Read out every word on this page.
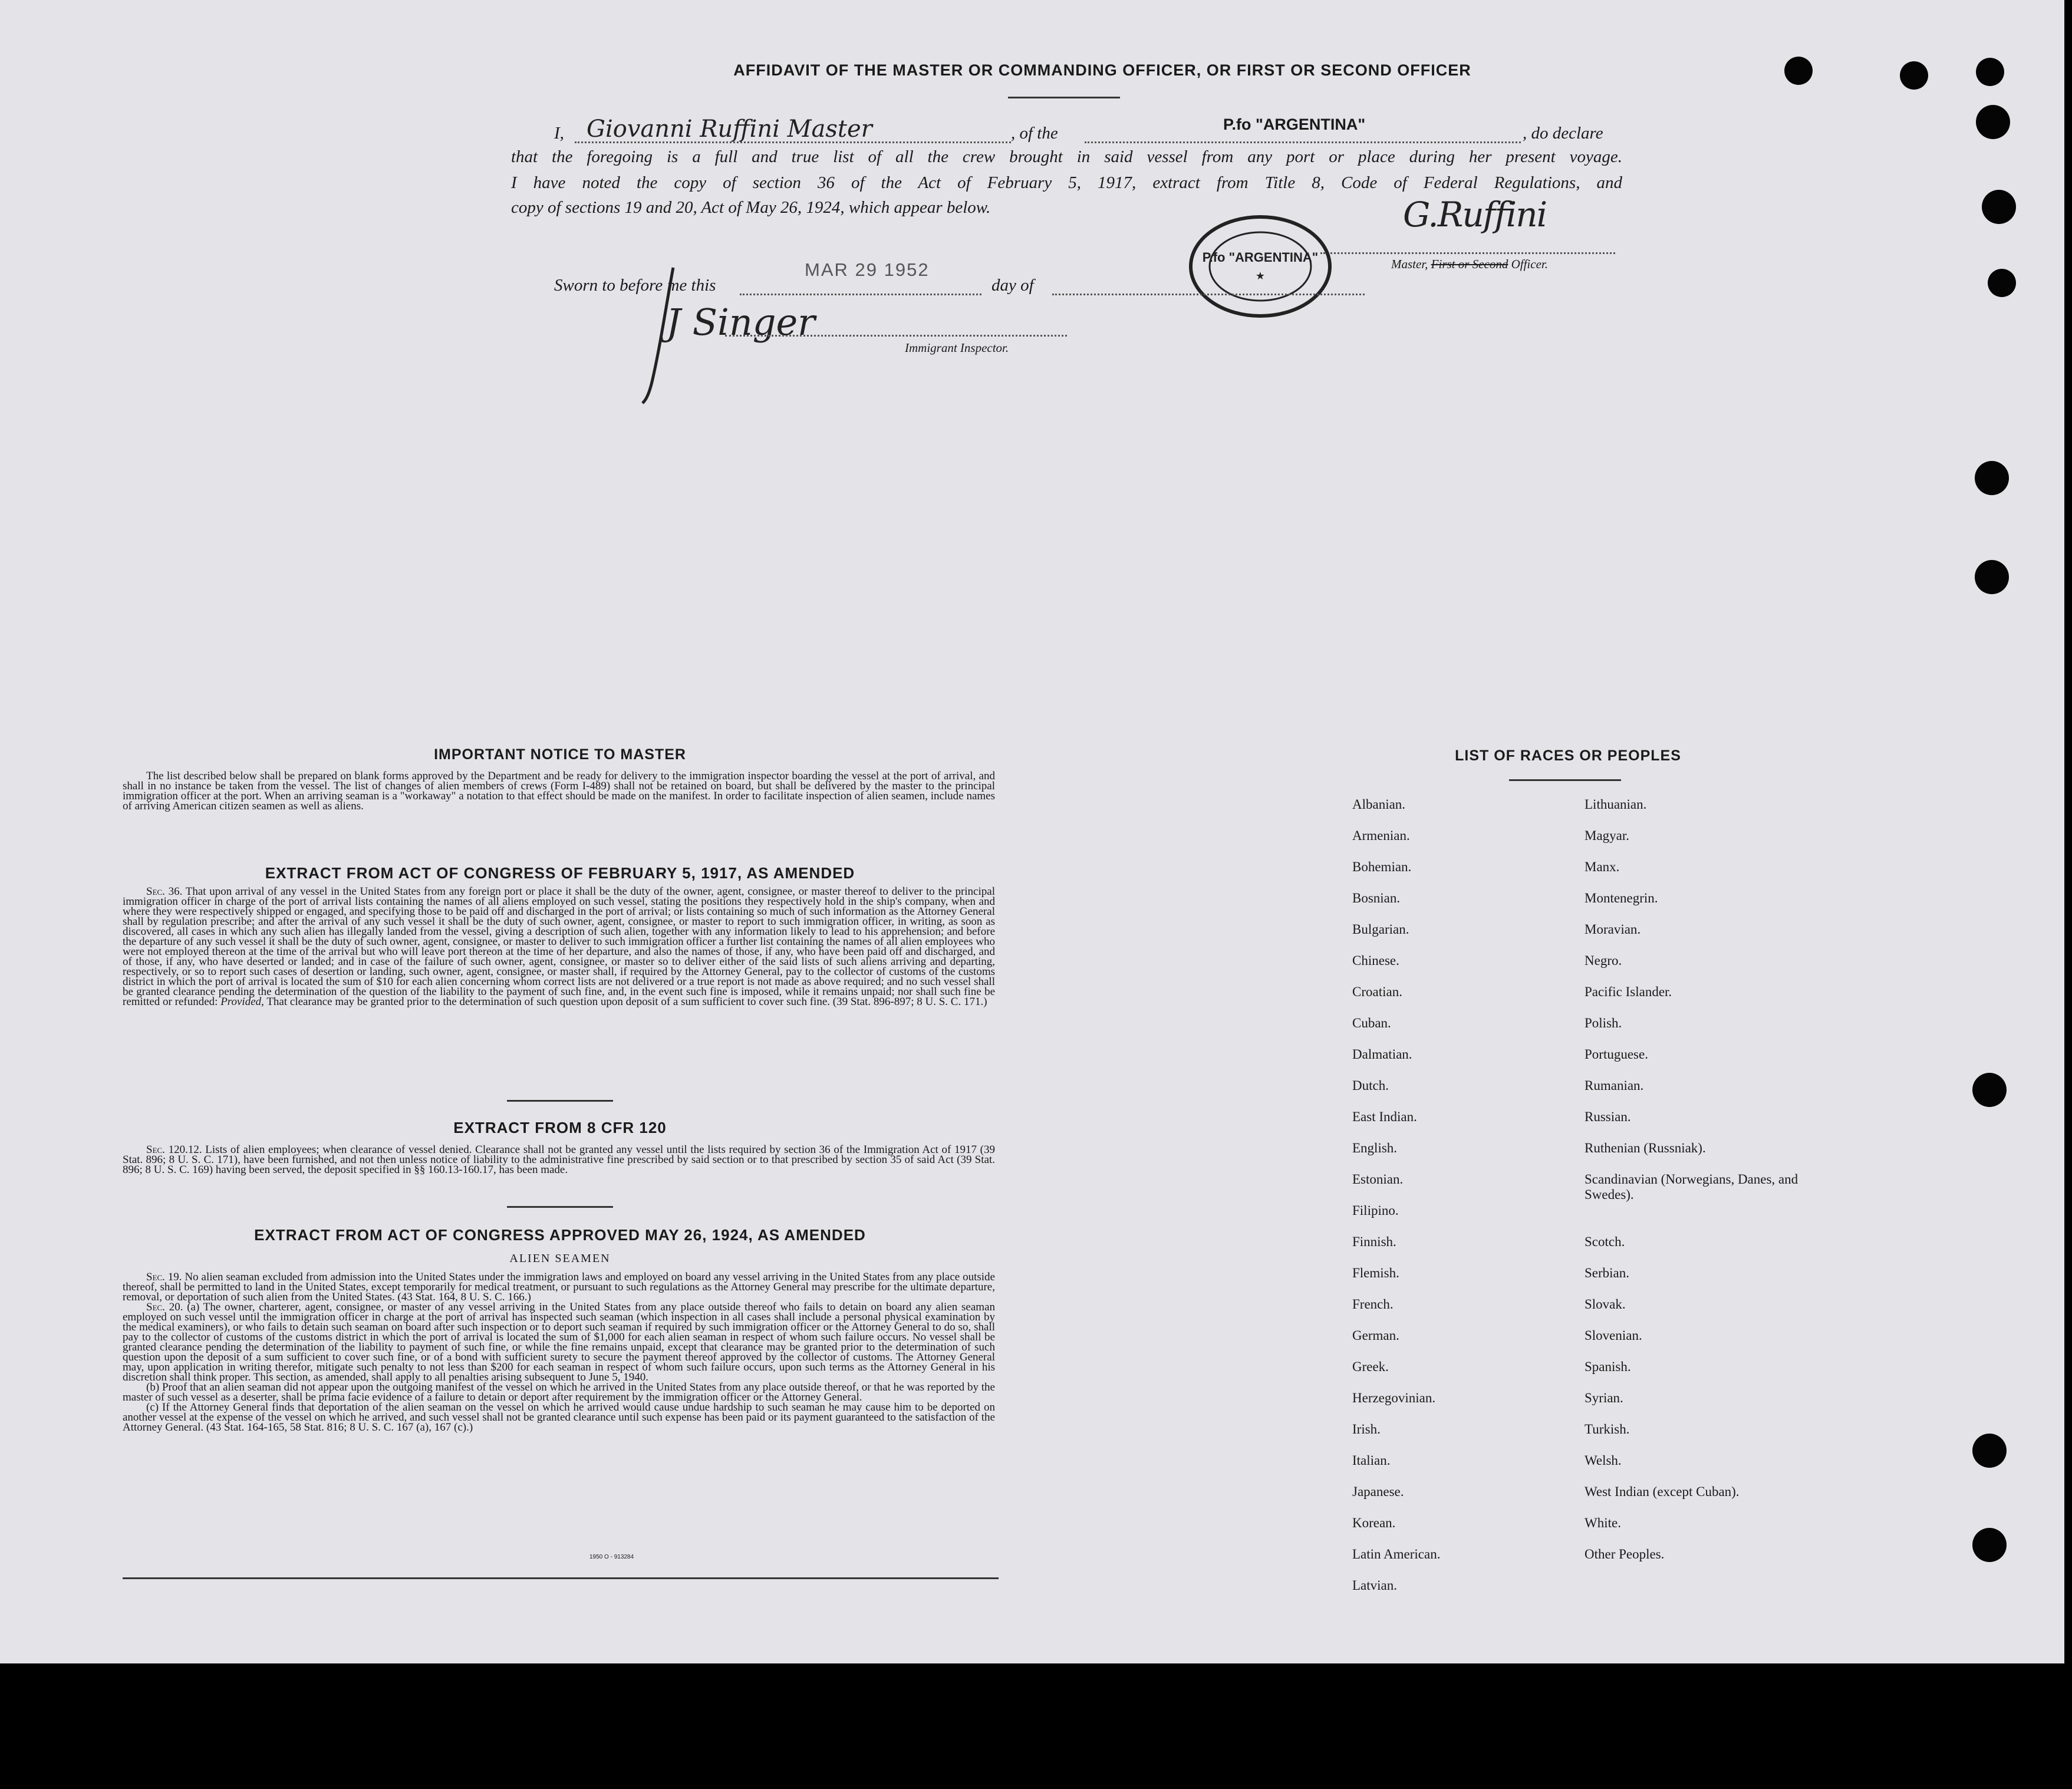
AFFIDAVIT OF THE MASTER OR COMMANDING OFFICER, OR FIRST OR SECOND OFFICER
I, Giovanni Ruffini Master	, of the	P.fo "ARGENTINA"	, do declare
that the foregoing is a full and true list of all the crew brought in said vessel from any port or place during her present voyage.
I have noted the copy of section 36 of the Act of February 5, 1917, extract from Title 8, Code of Federal Regulations, and
copy of sections 19 and 20, Act of May 26, 1924, which appear below.	G.Ruffini
Master, First or Second Officer.
P.fo "ARGENTINA"
★
Sworn to before me this
MAR 29 1952
day of
J Singer
Immigrant Inspector.
IMPORTANT NOTICE TO MASTER

The list described below shall be prepared on blank forms approved by the Department and be ready for delivery to the immigration inspector boarding the vessel at the port of arrival, and shall in no instance be taken from the vessel. The list of changes of alien members of crews (Form I-489) shall not be retained on board, but shall be delivered by the master to the principal immigration officer at the port. When an arriving seaman is a "workaway" a notation to that effect should be made on the manifest. In order to facilitate inspection of alien seamen, include names of arriving American citizen seamen as well as aliens.

EXTRACT FROM ACT OF CONGRESS OF FEBRUARY 5, 1917, AS AMENDED

Sec. 36. That upon arrival of any vessel in the United States from any foreign port or place it shall be the duty of the owner, agent, consignee, or master thereof to deliver to the principal immigration officer in charge of the port of arrival lists containing the names of all aliens employed on such vessel, stating the positions they respectively hold in the ship's company, when and where they were respectively shipped or engaged, and specifying those to be paid off and discharged in the port of arrival; or lists containing so much of such information as the Attorney General shall by regulation prescribe; and after the arrival of any such vessel it shall be the duty of such owner, agent, consignee, or master to report to such immigration officer, in writing, as soon as discovered, all cases in which any such alien has illegally landed from the vessel, giving a description of such alien, together with any information likely to lead to his apprehension; and before the departure of any such vessel it shall be the duty of such owner, agent, consignee, or master to deliver to such immigration officer a further list containing the names of all alien employees who were not employed thereon at the time of the arrival but who will leave port thereon at the time of her departure, and also the names of those, if any, who have been paid off and discharged, and of those, if any, who have deserted or landed; and in case of the failure of such owner, agent, consignee, or master so to deliver either of the said lists of such aliens arriving and departing, respectively, or so to report such cases of desertion or landing, such owner, agent, consignee, or master shall, if required by the Attorney General, pay to the collector of customs of the customs district in which the port of arrival is located the sum of $10 for each alien concerning whom correct lists are not delivered or a true report is not made as above required; and no such vessel shall be granted clearance pending the determination of the question of the liability to the payment of such fine, and, in the event such fine is imposed, while it remains unpaid; nor shall such fine be remitted or refunded: Provided, That clearance may be granted prior to the determination of such question upon deposit of a sum sufficient to cover such fine. (39 Stat. 896-897; 8 U. S. C. 171.)

EXTRACT FROM 8 CFR 120

Sec. 120.12. Lists of alien employees; when clearance of vessel denied. Clearance shall not be granted any vessel until the lists required by section 36 of the Immigration Act of 1917 (39 Stat. 896; 8 U. S. C. 171), have been furnished, and not then unless notice of liability to the administrative fine prescribed by said section or to that prescribed by section 35 of said Act (39 Stat. 896; 8 U. S. C. 169) having been served, the deposit specified in §§ 160.13-160.17, has been made.

EXTRACT FROM ACT OF CONGRESS APPROVED MAY 26, 1924, AS AMENDED
ALIEN SEAMEN

Sec. 19. No alien seaman excluded from admission into the United States under the immigration laws and employed on board any vessel arriving in the United States from any place outside thereof, shall be permitted to land in the United States, except temporarily for medical treatment, or pursuant to such regulations as the Attorney General may prescribe for the ultimate departure, removal, or deportation of such alien from the United States. (43 Stat. 164, 8 U. S. C. 166.)

Sec. 20. (a) The owner, charterer, agent, consignee, or master of any vessel arriving in the United States from any place outside thereof who fails to detain on board any alien seaman employed on such vessel until the immigration officer in charge at the port of arrival has inspected such seaman (which inspection in all cases shall include a personal physical examination by the medical examiners), or who fails to detain such seaman on board after such inspection or to deport such seaman if required by such immigration officer or the Attorney General to do so, shall pay to the collector of customs of the customs district in which the port of arrival is located the sum of $1,000 for each alien seaman in respect of whom such failure occurs. No vessel shall be granted clearance pending the determination of the liability to payment of such fine, or while the fine remains unpaid, except that clearance may be granted prior to the determination of such question upon the deposit of a sum sufficient to cover such fine, or of a bond with sufficient surety to secure the payment thereof approved by the collector of customs. The Attorney General may, upon application in writing therefor, mitigate such penalty to not less than $200 for each seaman in respect of whom such failure occurs, upon such terms as the Attorney General in his discretion shall think proper. This section, as amended, shall apply to all penalties arising subsequent to June 5, 1940.

(b) Proof that an alien seaman did not appear upon the outgoing manifest of the vessel on which he arrived in the United States from any place outside thereof, or that he was reported by the master of such vessel as a deserter, shall be prima facie evidence of a failure to detain or deport after requirement by the immigration officer or the Attorney General.

(c) If the Attorney General finds that deportation of the alien seaman on the vessel on which he arrived would cause undue hardship to such seaman he may cause him to be deported on another vessel at the expense of the vessel on which he arrived, and such vessel shall not be granted clearance until such expense has been paid or its payment guaranteed to the satisfaction of the Attorney General. (43 Stat. 164-165, 58 Stat. 816; 8 U. S. C. 167 (a), 167 (c).)

1950 O - 913284
LIST OF RACES OR PEOPLES
Albanian.
Armenian.
Bohemian.
Bosnian.
Bulgarian.
Chinese.
Croatian.
Cuban.
Dalmatian.
Dutch.
East Indian.
English.
Estonian.
Filipino.
Finnish.
Flemish.
French.
German.
Greek.
Herzegovinian.
Irish.
Italian.
Japanese.
Korean.
Latin American.
Latvian.
Lithuanian.
Magyar.
Manx.
Montenegrin.
Moravian.
Negro.
Pacific Islander.
Polish.
Portuguese.
Rumanian.
Russian.
Ruthenian (Russniak).
Scandinavian (Norwegians, Danes, and Swedes).
Scotch.
Serbian.
Slovak.
Slovenian.
Spanish.
Syrian.
Turkish.
Welsh.
West Indian (except Cuban).
White.
Other Peoples.
